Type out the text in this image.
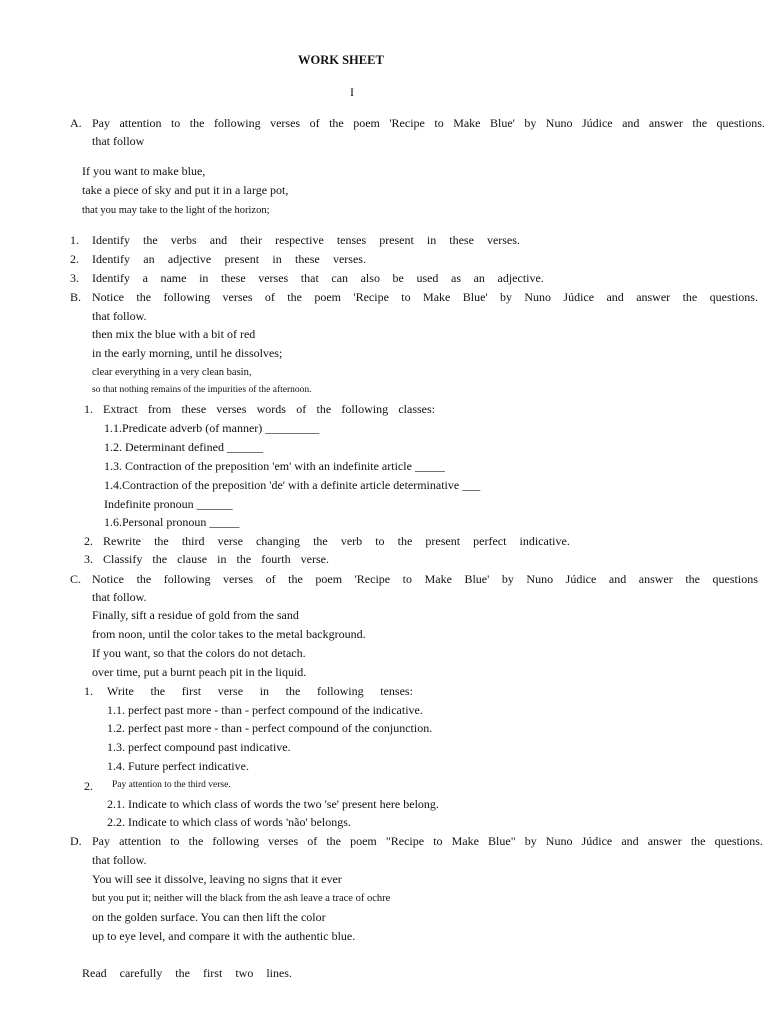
WORK SHEET
I
A. Pay attention to the following verses of the poem 'Recipe to Make Blue' by Nuno Júdice and answer the questions.
that follow
If you want to make blue,
take a piece of sky and put it in a large pot,
that you may take to the light of the horizon;
1. Identify the verbs and their respective tenses present in these verses.
2. Identify an adjective present in these verses.
3. Identify a name in these verses that can also be used as an adjective.
B. Notice the following verses of the poem 'Recipe to Make Blue' by Nuno Júdice and answer the questions.
that follow.
then mix the blue with a bit of red
in the early morning, until he dissolves;
clear everything in a very clean basin,
so that nothing remains of the impurities of the afternoon.
1. Extract from these verses words of the following classes:
1.1.Predicate adverb (of manner) _________
1.2. Determinant defined ______
1.3. Contraction of the preposition 'em' with an indefinite article _____
1.4.Contraction of the preposition 'de' with a definite article determinative ___
Indefinite pronoun ______
1.6.Personal pronoun _____
2. Rewrite the third verse changing the verb to the present perfect indicative.
3. Classify the clause in the fourth verse.
C. Notice the following verses of the poem 'Recipe to Make Blue' by Nuno Júdice and answer the questions
that follow.
Finally, sift a residue of gold from the sand
from noon, until the color takes to the metal background.
If you want, so that the colors do not detach.
over time, put a burnt peach pit in the liquid.
1. Write the first verse in the following tenses:
1.1. perfect past more - than - perfect compound of the indicative.
1.2. perfect past more - than - perfect compound of the conjunction.
1.3. perfect compound past indicative.
1.4. Future perfect indicative.
2. Pay attention to the third verse.
2.1. Indicate to which class of words the two 'se' present here belong.
2.2. Indicate to which class of words 'não' belongs.
D. Pay attention to the following verses of the poem "Recipe to Make Blue" by Nuno Júdice and answer the questions.
that follow.
You will see it dissolve, leaving no signs that it ever
but you put it; neither will the black from the ash leave a trace of ochre
on the golden surface. You can then lift the color
up to eye level, and compare it with the authentic blue.
Read carefully the first two lines.
